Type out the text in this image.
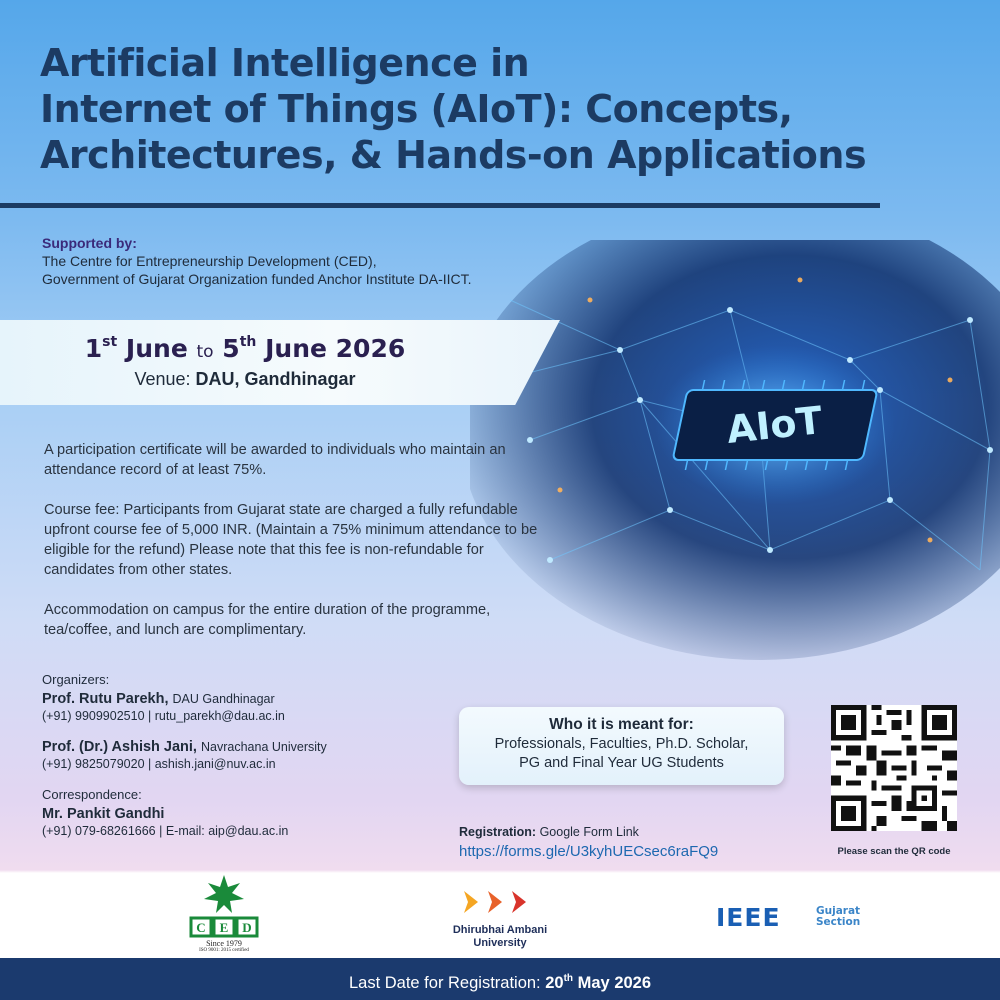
AIoT
Artificial Intelligence in
Internet of Things (AIoT): Concepts,
Architectures, & Hands-on Applications
Supported by:
The Centre for Entrepreneurship Development (CED),
Government of Gujarat Organization funded Anchor Institute DA-IICT.
1st June to 5th June 2026
Venue: DAU, Gandhinagar

A participation certificate will be awarded to individuals who maintain an attendance record of at least 75%.

Course fee: Participants from Gujarat state are charged a fully refundable upfront course fee of 5,000 INR. (Maintain a 75% minimum attendance to be eligible for the refund) Please note that this fee is non-refundable for candidates from other states.

Accommodation on campus for the entire duration of the programme, tea/coffee, and lunch are complimentary.

Organizers:
Prof. Rutu Parekh, DAU Gandhinagar
(+91) 9909902510 | rutu_parekh@dau.ac.in
Prof. (Dr.) Ashish Jani, Navrachana University
(+91) 9825079020 | ashish.jani@nuv.ac.in
Correspondence:
Mr. Pankit Gandhi
(+91) 079-68261666 | E-mail: aip@dau.ac.in
Who it is meant for:
Professionals, Faculties, Ph.D. Scholar,
PG and Final Year UG Students
Please scan the QR code
Registration: Google Form Link
https://forms.gle/U3kyhUECsec6raFQ9
C E D
Since 1979
ISO 9001: 2015 certified
Dhirubhai Ambani
University
IEEE	Gujarat
Section
Last Date for Registration: 20th May 2026
